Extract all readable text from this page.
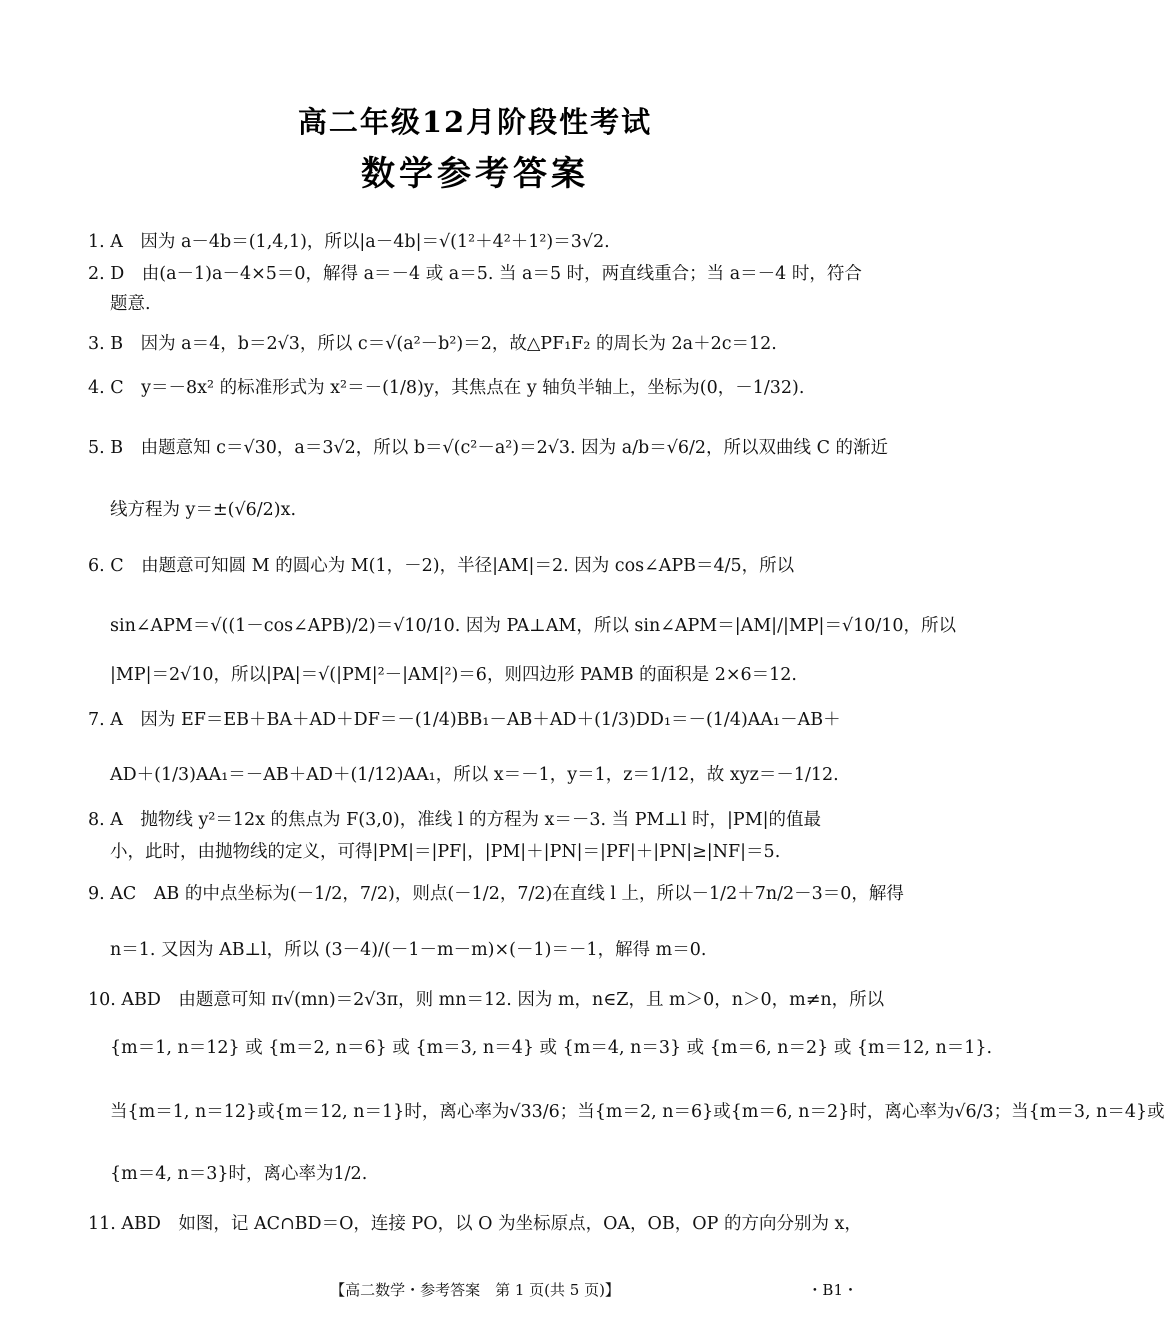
高二年级12月阶段性考试
数学参考答案
1. A　因为 a－4b＝(1,4,1)，所以|a－4b|＝√(1²＋4²＋1²)＝3√2.
2. D　由(a－1)a－4×5＝0，解得 a＝－4 或 a＝5. 当 a＝5 时，两直线重合；当 a＝－4 时，符合
题意.
3. B　因为 a＝4，b＝2√3，所以 c＝√(a²－b²)＝2，故△PF₁F₂ 的周长为 2a＋2c＝12.
4. C　y＝－8x² 的标准形式为 x²＝－(1/8)y，其焦点在 y 轴负半轴上，坐标为(0，－1/32).
5. B　由题意知 c＝√30，a＝3√2，所以 b＝√(c²－a²)＝2√3. 因为 a/b＝√6/2，所以双曲线 C 的渐近
线方程为 y＝±(√6/2)x.
6. C　由题意可知圆 M 的圆心为 M(1，－2)，半径|AM|＝2. 因为 cos∠APB＝4/5，所以
sin∠APM＝√((1－cos∠APB)/2)＝√10/10. 因为 PA⊥AM，所以 sin∠APM＝|AM|/|MP|＝√10/10，所以
|MP|＝2√10，所以|PA|＝√(|PM|²－|AM|²)＝6，则四边形 PAMB 的面积是 2×6＝12.
7. A　因为 EF＝EB＋BA＋AD＋DF＝－(1/4)BB₁－AB＋AD＋(1/3)DD₁＝－(1/4)AA₁－AB＋
AD＋(1/3)AA₁＝－AB＋AD＋(1/12)AA₁，所以 x＝－1，y＝1，z＝1/12，故 xyz＝－1/12.
8. A　抛物线 y²＝12x 的焦点为 F(3,0)，准线 l 的方程为 x＝－3. 当 PM⊥l 时，|PM|的值最
小，此时，由抛物线的定义，可得|PM|＝|PF|，|PM|＋|PN|＝|PF|＋|PN|≥|NF|＝5.
9. AC　AB 的中点坐标为(－1/2，7/2)，则点(－1/2，7/2)在直线 l 上，所以－1/2＋7n/2－3＝0，解得
n＝1. 又因为 AB⊥l，所以 (3－4)/(－1－m－m)×(－1)＝－1，解得 m＝0.
10. ABD　由题意可知 π√(mn)＝2√3π，则 mn＝12. 因为 m，n∈Z，且 m＞0，n＞0，m≠n，所以
{m＝1, n＝12} 或 {m＝2, n＝6} 或 {m＝3, n＝4} 或 {m＝4, n＝3} 或 {m＝6, n＝2} 或 {m＝12, n＝1}.
当{m＝1, n＝12}或{m＝12, n＝1}时，离心率为√33/6；当{m＝2, n＝6}或{m＝6, n＝2}时，离心率为√6/3；当{m＝3, n＝4}或
{m＝4, n＝3}时，离心率为1/2.
11. ABD　如图，记 AC∩BD＝O，连接 PO，以 O 为坐标原点，OA，OB，OP 的方向分别为 x，
【高二数学・参考答案　第 1 页(共 5 页)】	・B1・
